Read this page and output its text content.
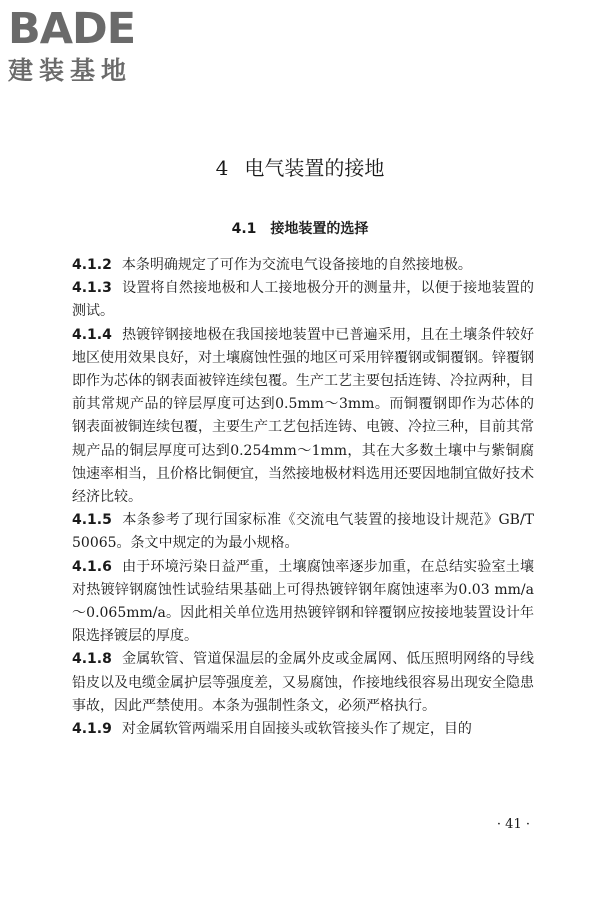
BADE
建装基地
4 电气装置的接地
4.1 接地装置的选择

4.1.2 本条明确规定了可作为交流电气设备接地的自然接地极。

4.1.3 设置将自然接地极和人工接地极分开的测量井，以便于接地装置的测试。

4.1.4 热镀锌钢接地极在我国接地装置中已普遍采用，且在土壤条件较好地区使用效果良好，对土壤腐蚀性强的地区可采用锌覆钢或铜覆钢。锌覆钢即作为芯体的钢表面被锌连续包覆。生产工艺主要包括连铸、冷拉两种，目前其常规产品的锌层厚度可达到0.5mm～3mm。而铜覆钢即作为芯体的钢表面被铜连续包覆，主要生产工艺包括连铸、电镀、冷拉三种，目前其常规产品的铜层厚度可达到0.254mm～1mm，其在大多数土壤中与紫铜腐蚀速率相当，且价格比铜便宜，当然接地极材料选用还要因地制宜做好技术经济比较。

4.1.5 本条参考了现行国家标准《交流电气装置的接地设计规范》GB/T 50065。条文中规定的为最小规格。

4.1.6 由于环境污染日益严重，土壤腐蚀率逐步加重，在总结实验室土壤对热镀锌钢腐蚀性试验结果基础上可得热镀锌钢年腐蚀速率为0.03 mm/a ～0.065mm/a。因此相关单位选用热镀锌钢和锌覆钢应按接地装置设计年限选择镀层的厚度。

4.1.8 金属软管、管道保温层的金属外皮或金属网、低压照明网络的导线铅皮以及电缆金属护层等强度差，又易腐蚀，作接地线很容易出现安全隐患事故，因此严禁使用。本条为强制性条文，必须严格执行。

4.1.9 对金属软管两端采用自固接头或软管接头作了规定，目的

· 41 ·
